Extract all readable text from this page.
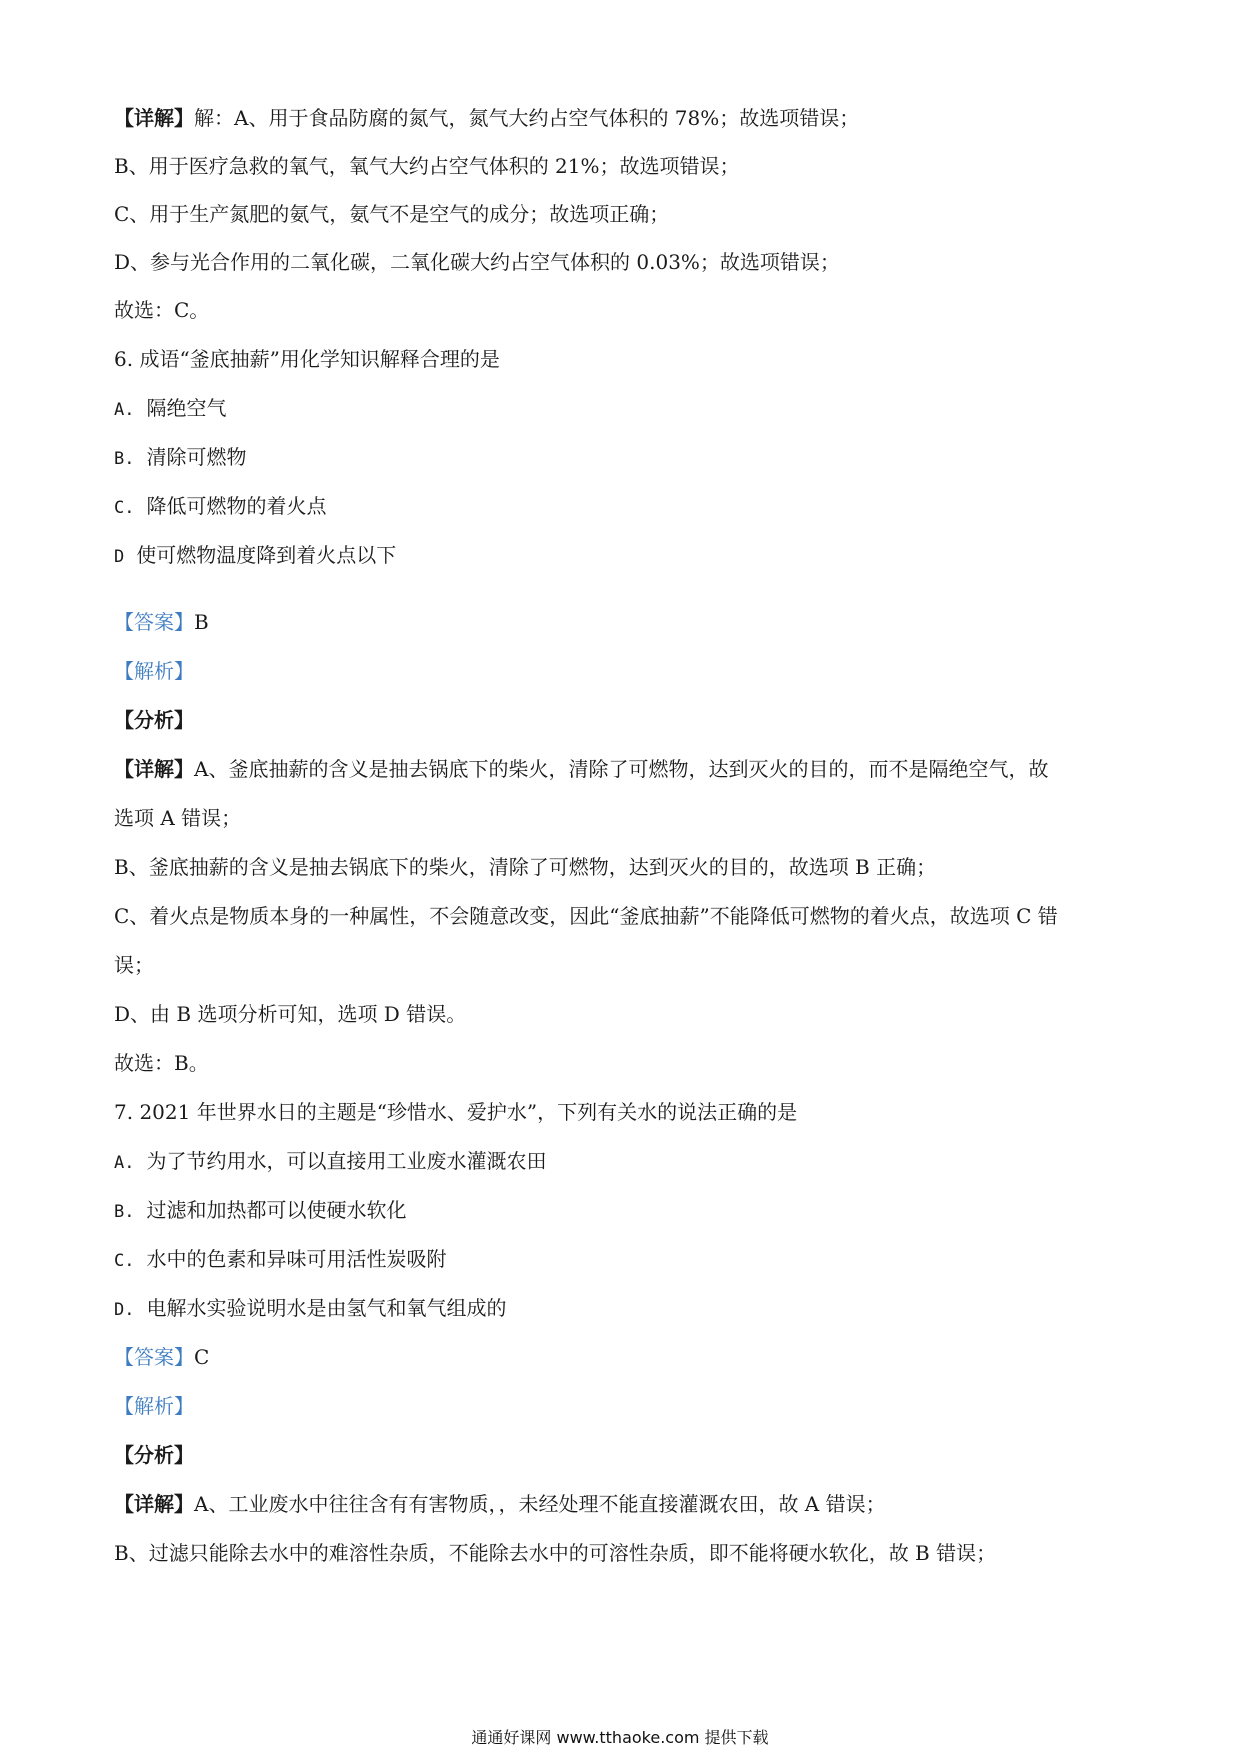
【详解】解：A、用于食品防腐的氮气，氮气大约占空气体积的 78%；故选项错误；
B、用于医疗急救的氧气，氧气大约占空气体积的 21%；故选项错误；
C、用于生产氮肥的氨气，氨气不是空气的成分；故选项正确；
D、参与光合作用的二氧化碳，二氧化碳大约占空气体积的 0.03%；故选项错误；
故选：C。
6. 成语“釜底抽薪”用化学知识解释合理的是
A. 隔绝空气
B. 清除可燃物
C. 降低可燃物的着火点
D 使可燃物温度降到着火点以下
【答案】B
【解析】
【分析】
【详解】A、釜底抽薪的含义是抽去锅底下的柴火，清除了可燃物，达到灭火的目的，而不是隔绝空气，故
选项 A 错误；
B、釜底抽薪的含义是抽去锅底下的柴火，清除了可燃物，达到灭火的目的，故选项 B 正确；
C、着火点是物质本身的一种属性，不会随意改变，因此“釜底抽薪”不能降低可燃物的着火点，故选项 C 错
误；
D、由 B 选项分析可知，选项 D 错误。
故选：B。
7. 2021 年世界水日的主题是“珍惜水、爱护水”，下列有关水的说法正确的是
A. 为了节约用水，可以直接用工业废水灌溉农田
B. 过滤和加热都可以使硬水软化
C. 水中的色素和异味可用活性炭吸附
D. 电解水实验说明水是由氢气和氧气组成的
【答案】C
【解析】
【分析】
【详解】A、工业废水中往往含有有害物质，，未经处理不能直接灌溉农田，故 A 错误；
B、过滤只能除去水中的难溶性杂质，不能除去水中的可溶性杂质，即不能将硬水软化，故 B 错误；
通通好课网 www.tthaoke.com 提供下载
